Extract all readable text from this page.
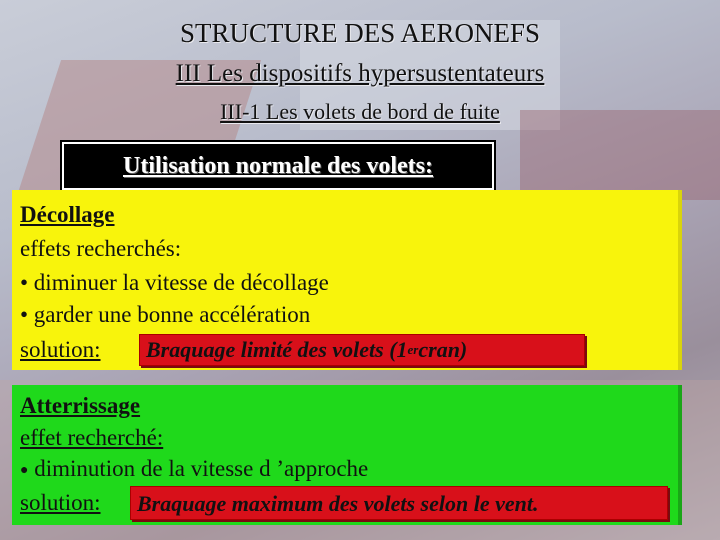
STRUCTURE DES AERONEFS
III Les dispositifs hypersustentateurs
III-1 Les volets de bord de fuite
Utilisation normale des volets:
Décollage
effets recherchés:
• diminuer la vitesse de décollage
• garder une bonne accélération
solution: Braquage limité des volets (1 er cran)
Atterrissage
effet recherché:
● diminution de la vitesse d ’approche
solution: Braquage maximum des volets selon le vent.
